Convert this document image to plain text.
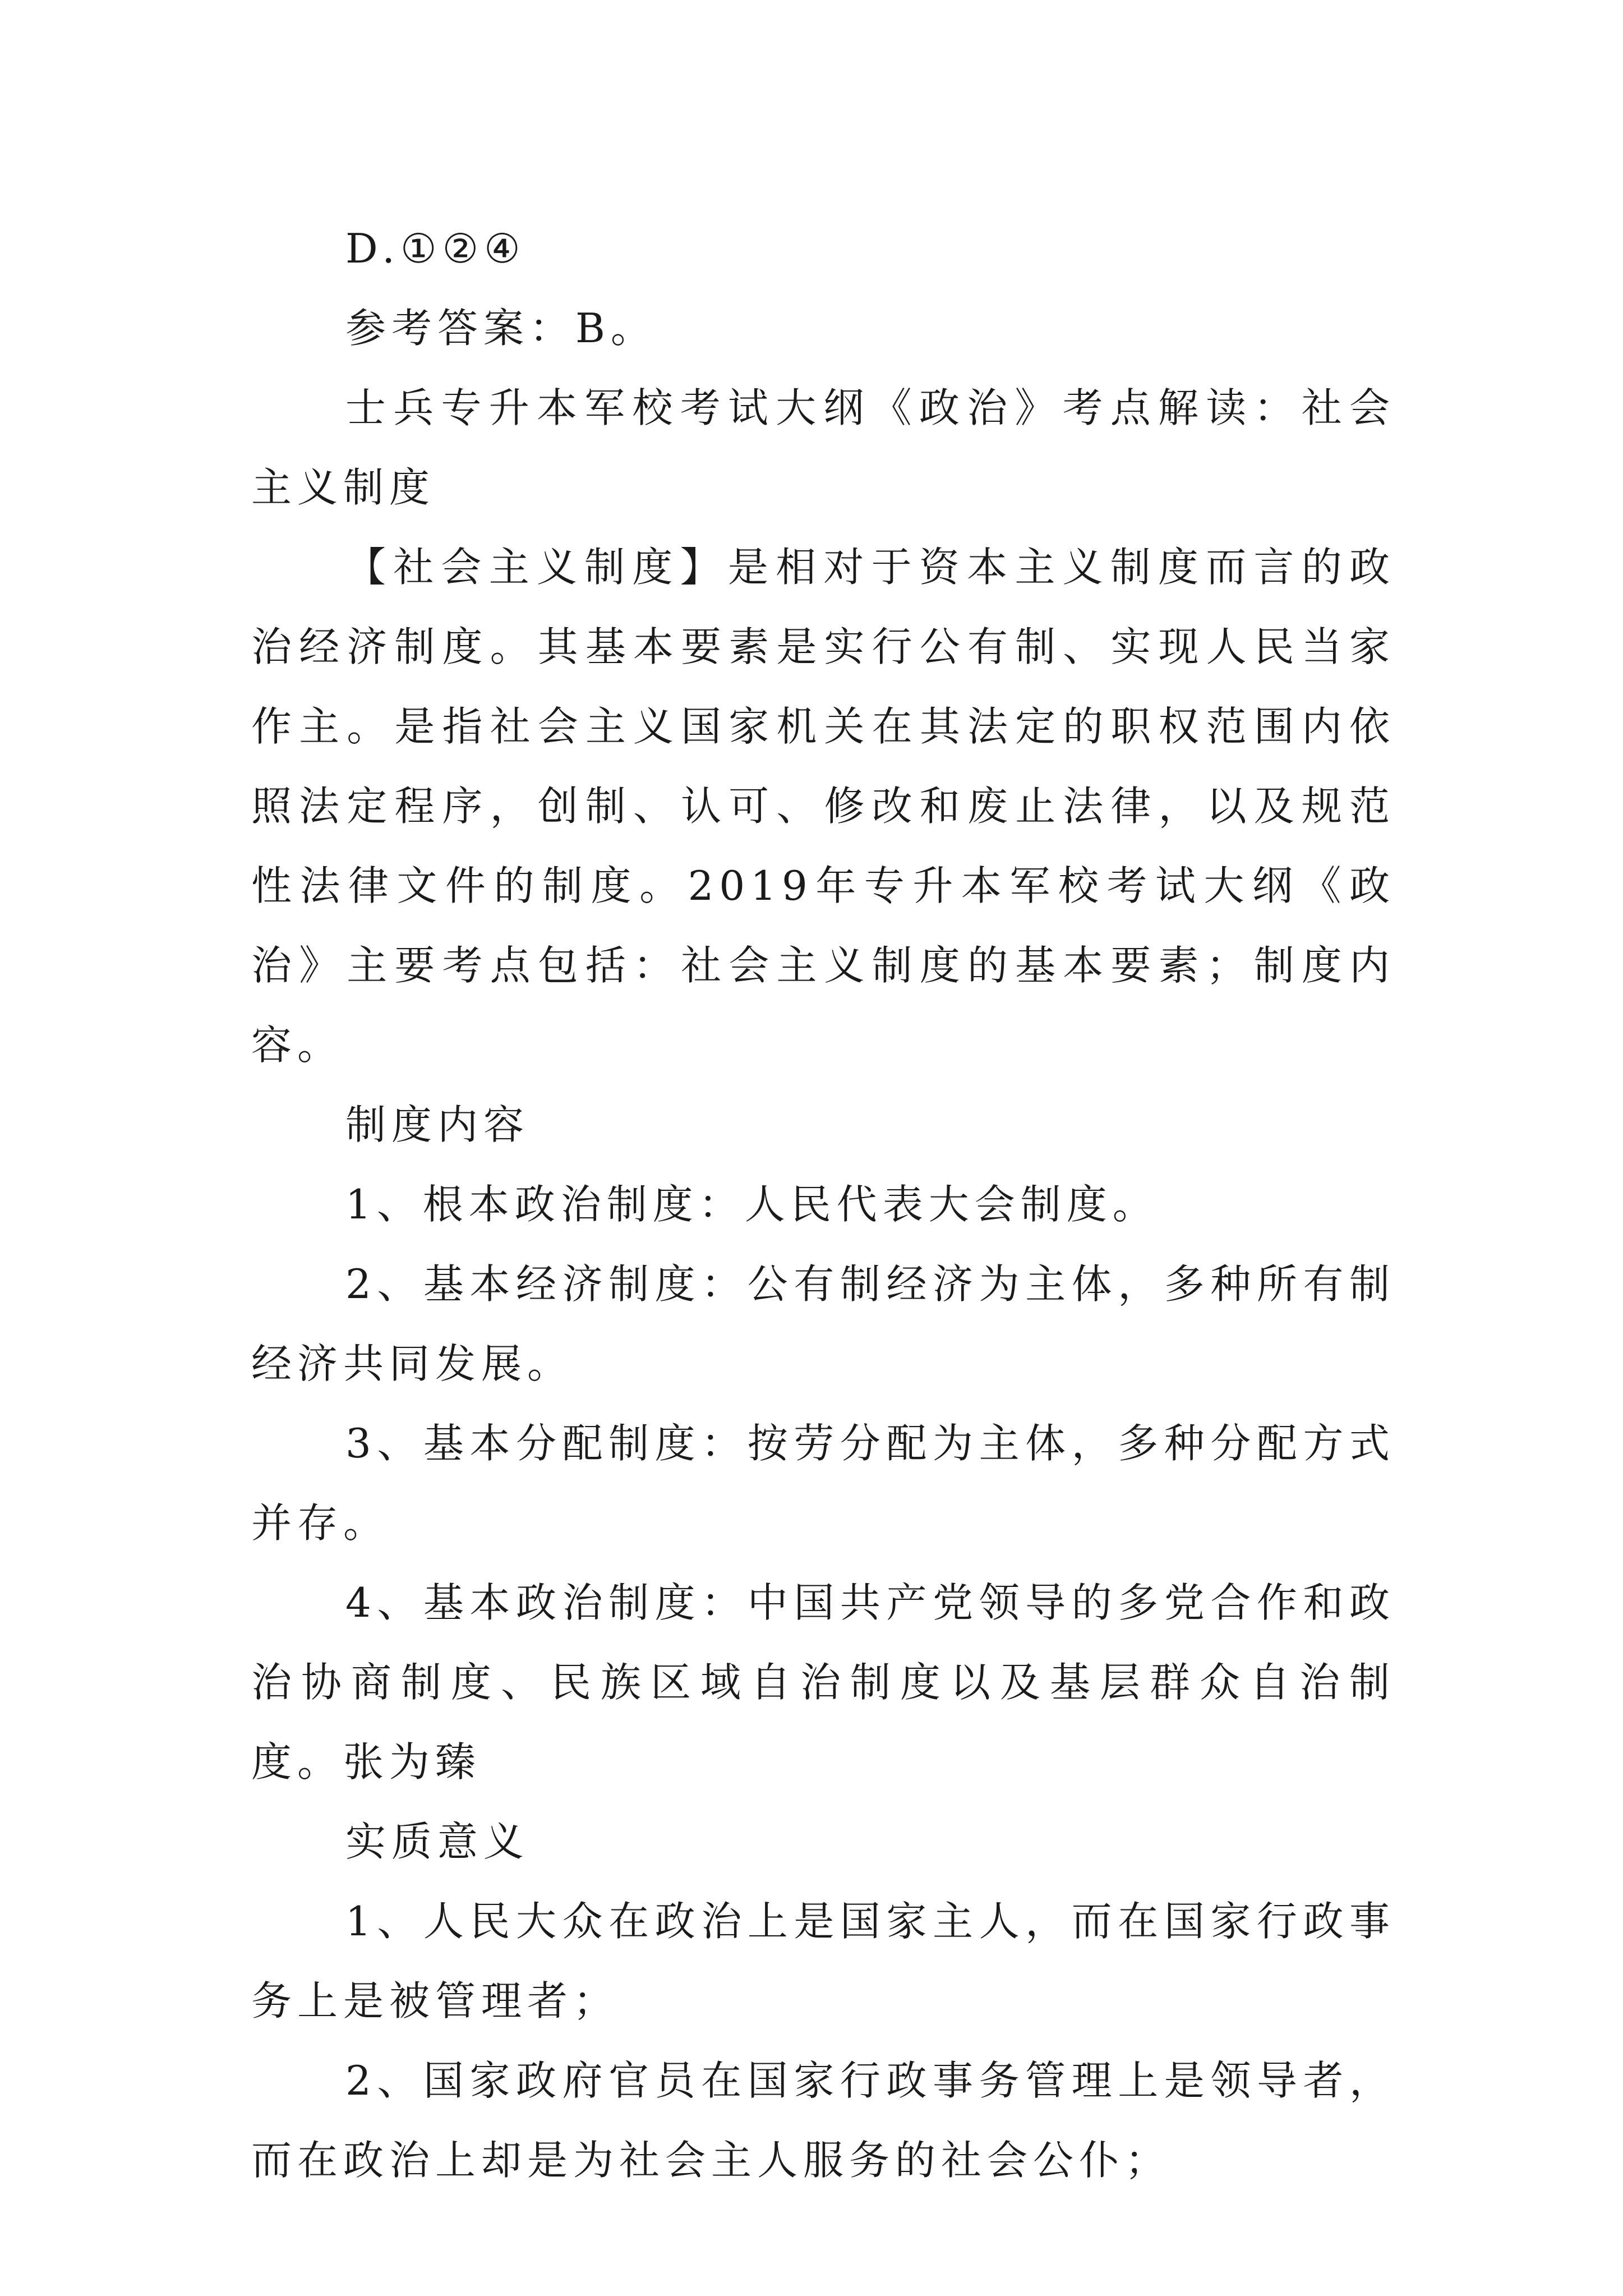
D.①②④

参考答案：B。

士兵专升本军校考试大纲《政治》考点解读：社会主义制度

【社会主义制度】是相对于资本主义制度而言的政治经济制度。其基本要素是实行公有制、实现人民当家作主。是指社会主义国家机关在其法定的职权范围内依照法定程序，创制、认可、修改和废止法律，以及规范性法律文件的制度。2019年专升本军校考试大纲《政治》主要考点包括：社会主义制度的基本要素；制度内容。

制度内容

1、根本政治制度：人民代表大会制度。

2、基本经济制度：公有制经济为主体，多种所有制经济共同发展。

3、基本分配制度：按劳分配为主体，多种分配方式并存。

4、基本政治制度：中国共产党领导的多党合作和政治协商制度、民族区域自治制度以及基层群众自治制度。张为臻

实质意义

1、人民大众在政治上是国家主人，而在国家行政事务上是被管理者；

2、国家政府官员在国家行政事务管理上是领导者，而在政治上却是为社会主人服务的社会公仆；
